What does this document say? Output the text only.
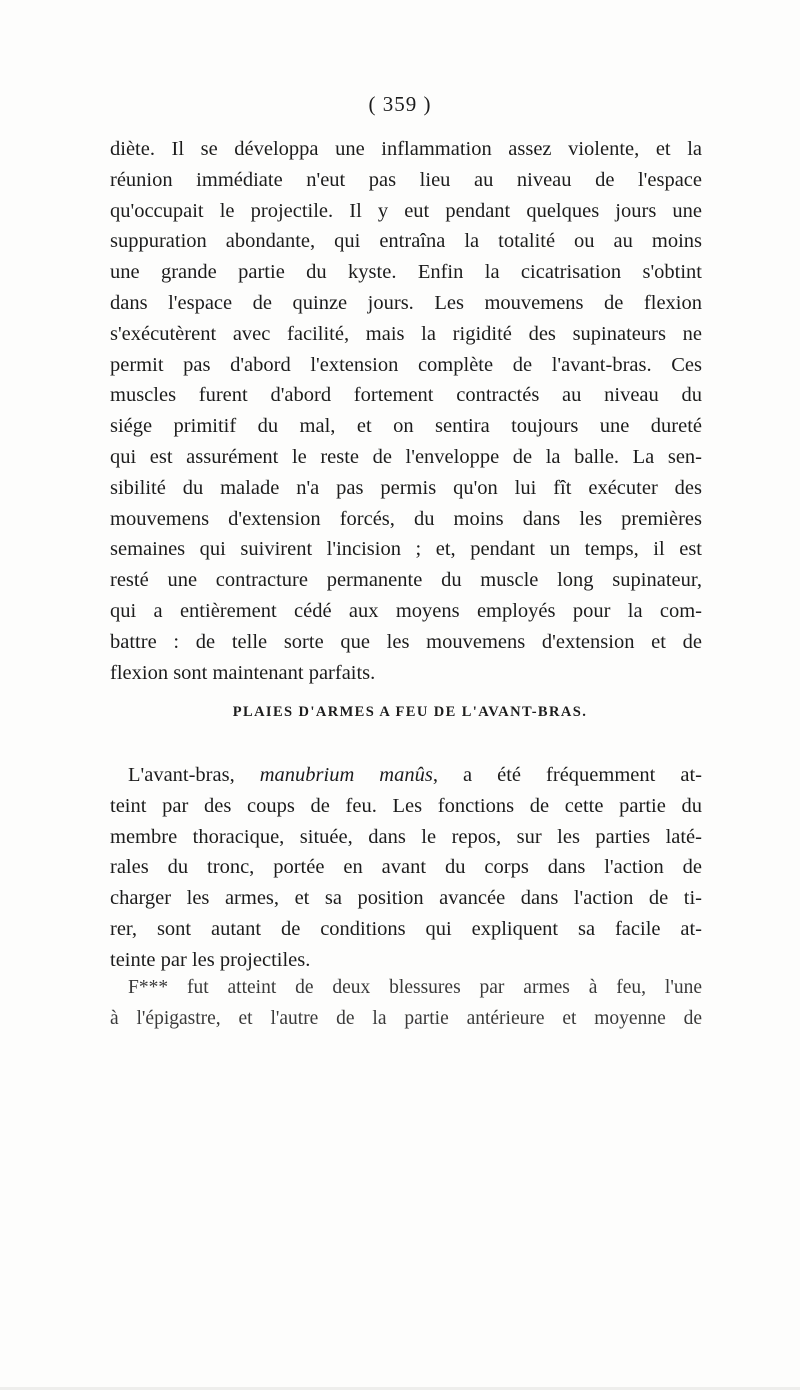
( 359 )
diète. Il se développa une inflammation assez violente, et la
réunion immédiate n'eut pas lieu au niveau de l'espace
qu'occupait le projectile. Il y eut pendant quelques jours une
suppuration abondante, qui entraîna la totalité ou au moins
une grande partie du kyste. Enfin la cicatrisation s'obtint
dans l'espace de quinze jours. Les mouvemens de flexion
s'exécutèrent avec facilité, mais la rigidité des supinateurs ne
permit pas d'abord l'extension complète de l'avant-bras. Ces
muscles furent d'abord fortement contractés au niveau du
siége primitif du mal, et on sentira toujours une dureté
qui est assurément le reste de l'enveloppe de la balle. La sen-
sibilité du malade n'a pas permis qu'on lui fît exécuter des
mouvemens d'extension forcés, du moins dans les premières
semaines qui suivirent l'incision ; et, pendant un temps, il est
resté une contracture permanente du muscle long supinateur,
qui a entièrement cédé aux moyens employés pour la com-
battre : de telle sorte que les mouvemens d'extension et de
flexion sont maintenant parfaits.
PLAIES D'ARMES A FEU DE L'AVANT-BRAS.
L'avant-bras, manubrium manûs, a été fréquemment at-
teint par des coups de feu. Les fonctions de cette partie du
membre thoracique, située, dans le repos, sur les parties laté-
rales du tronc, portée en avant du corps dans l'action de
charger les armes, et sa position avancée dans l'action de ti-
rer, sont autant de conditions qui expliquent sa facile at-
teinte par les projectiles.
F*** fut atteint de deux blessures par armes à feu, l'une
à l'épigastre, et l'autre de la partie antérieure et moyenne de
